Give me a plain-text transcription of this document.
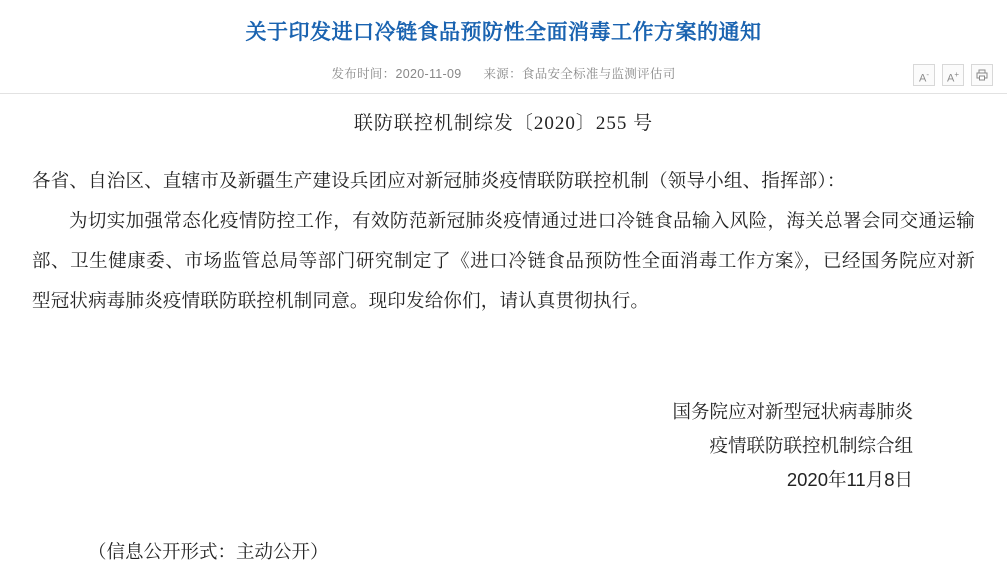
关于印发进口冷链食品预防性全面消毒工作方案的通知
发布时间：2020-11-09 来源：食品安全标准与监测评估司	A-	A+
联防联控机制综发〔2020〕255 号

各省、自治区、直辖市及新疆生产建设兵团应对新冠肺炎疫情联防联控机制（领导小组、指挥部）：

为切实加强常态化疫情防控工作，有效防范新冠肺炎疫情通过进口冷链食品输入风险，海关总署会同交通运输部、卫生健康委、市场监管总局等部门研究制定了《进口冷链食品预防性全面消毒工作方案》，已经国务院应对新型冠状病毒肺炎疫情联防联控机制同意。现印发给你们，请认真贯彻执行。

国务院应对新型冠状病毒肺炎
疫情联防联控机制综合组
2020年11月8日
（信息公开形式：主动公开）
